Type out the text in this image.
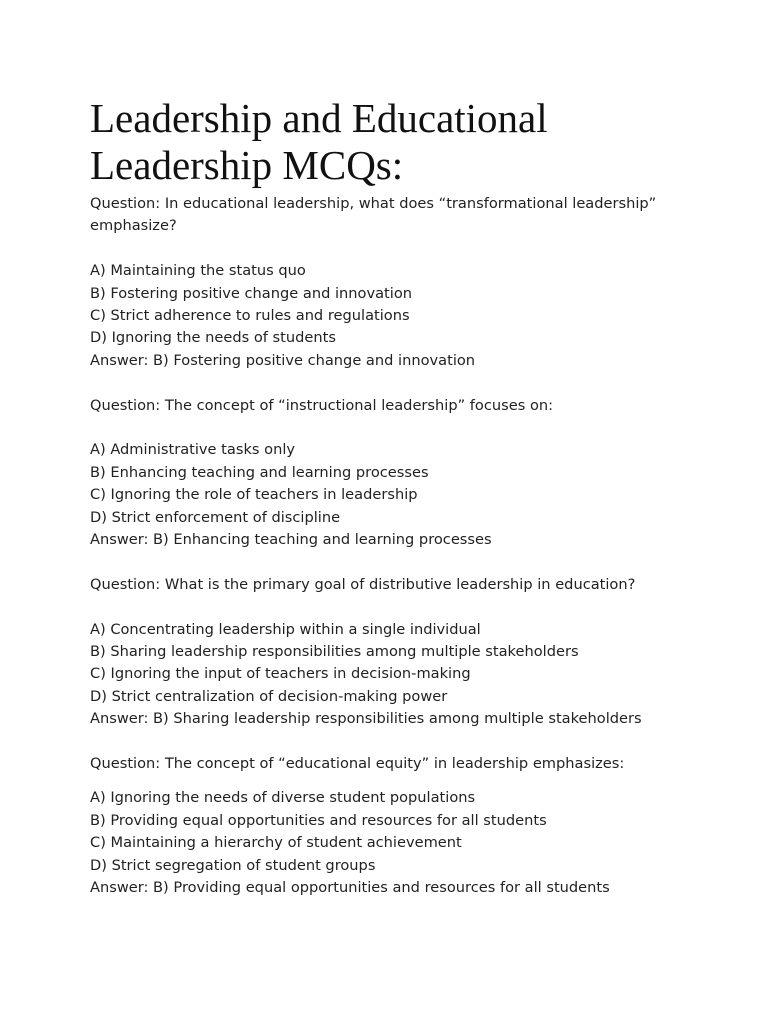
Leadership and Educational Leadership MCQs:

Question: In educational leadership, what does “transformational leadership” emphasize?

A) Maintaining the status quo

B) Fostering positive change and innovation

C) Strict adherence to rules and regulations

D) Ignoring the needs of students

Answer: B) Fostering positive change and innovation

Question: The concept of “instructional leadership” focuses on:

A) Administrative tasks only

B) Enhancing teaching and learning processes

C) Ignoring the role of teachers in leadership

D) Strict enforcement of discipline

Answer: B) Enhancing teaching and learning processes

Question: What is the primary goal of distributive leadership in education?

A) Concentrating leadership within a single individual

B) Sharing leadership responsibilities among multiple stakeholders

C) Ignoring the input of teachers in decision-making

D) Strict centralization of decision-making power

Answer: B) Sharing leadership responsibilities among multiple stakeholders

Question: The concept of “educational equity” in leadership emphasizes:

A) Ignoring the needs of diverse student populations

B) Providing equal opportunities and resources for all students

C) Maintaining a hierarchy of student achievement

D) Strict segregation of student groups

Answer: B) Providing equal opportunities and resources for all students
